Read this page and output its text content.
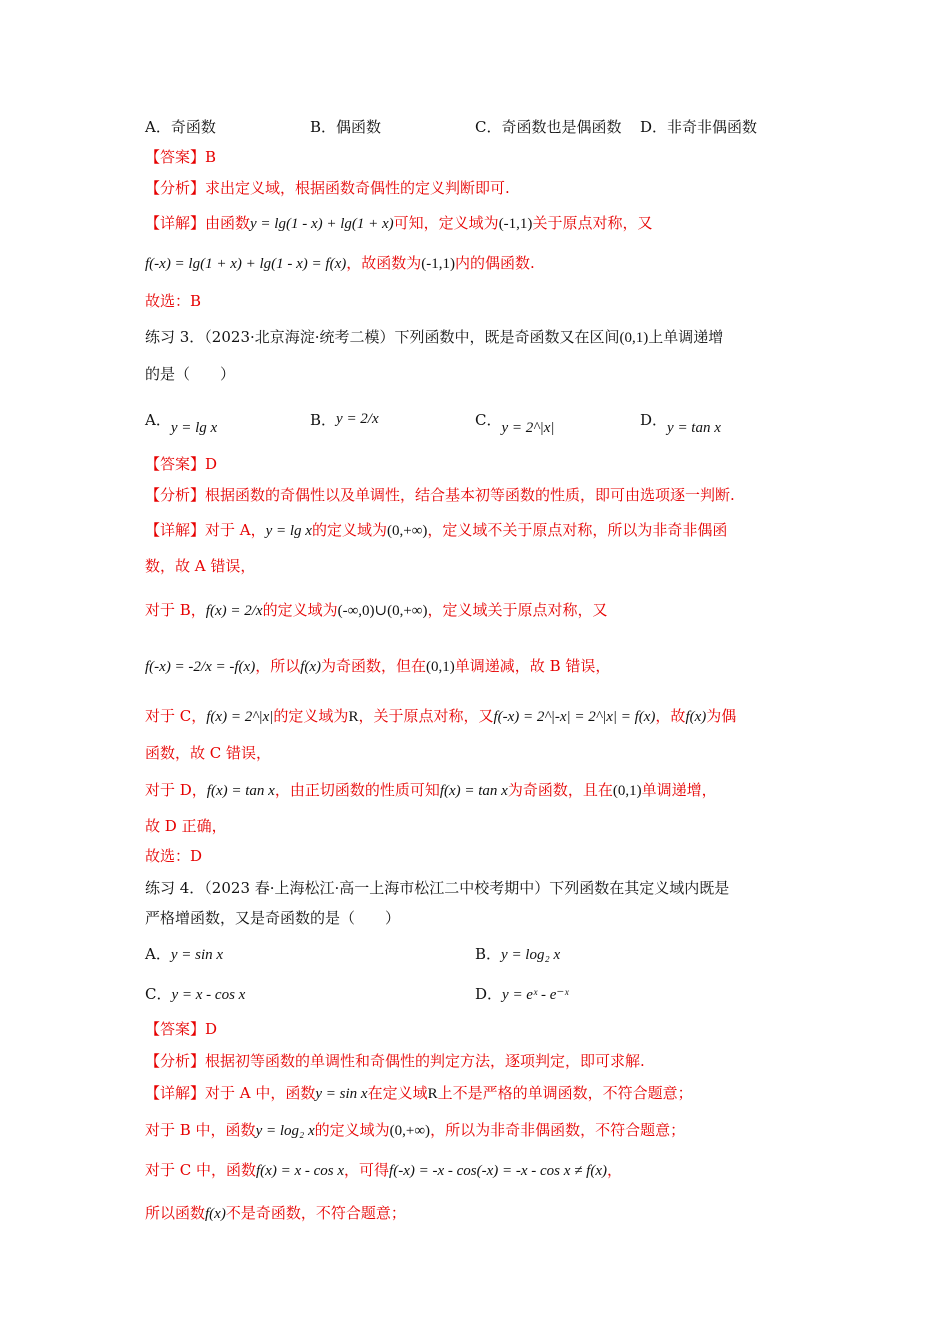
A．奇函数	B．偶函数	C．奇函数也是偶函数 D．非奇非偶函数
【答案】B
【分析】求出定义域，根据函数奇偶性的定义判断即可.
【详解】由函数y = lg(1 - x) + lg(1 + x)可知，定义域为(-1,1)关于原点对称，又
f(-x) = lg(1 + x) + lg(1 - x) = f(x)，故函数为(-1,1)内的偶函数.
故选：B
练习 3．（2023·北京海淀·统考二模）下列函数中，既是奇函数又在区间(0,1)上单调递增
的是（　　）
A．y = lg x	B．y = 2/x	C．y = 2^|x|	D．y = tan x
【答案】D
【分析】根据函数的奇偶性以及单调性，结合基本初等函数的性质，即可由选项逐一判断.
【详解】对于 A，y = lg x的定义域为(0,+∞)，定义域不关于原点对称，所以为非奇非偶函
数，故 A 错误，
对于 B，f(x) = 2/x的定义域为(-∞,0)∪(0,+∞)，定义域关于原点对称，又
f(-x) = -2/x = -f(x)，所以f(x)为奇函数，但在(0,1)单调递减，故 B 错误，
对于 C，f(x) = 2^|x|的定义域为R，关于原点对称，又f(-x) = 2^|-x| = 2^|x| = f(x)，故f(x)为偶
函数，故 C 错误，
对于 D，f(x) = tan x，由正切函数的性质可知f(x) = tan x为奇函数，且在(0,1)单调递增，
故 D 正确，
故选：D
练习 4．（2023 春·上海松江·高一上海市松江二中校考期中）下列函数在其定义域内既是
严格增函数，又是奇函数的是（　　）
A．y = sin x	B．y = log₂ x
C．y = x - cos x	D．y = eˣ - e⁻ˣ
【答案】D
【分析】根据初等函数的单调性和奇偶性的判定方法，逐项判定，即可求解.
【详解】对于 A 中，函数y = sin x在定义域R上不是严格的单调函数，不符合题意；
对于 B 中，函数y = log₂ x的定义域为(0,+∞)，所以为非奇非偶函数，不符合题意；
对于 C 中，函数f(x) = x - cos x，可得f(-x) = -x - cos(-x) = -x - cos x ≠ f(x)，
所以函数f(x)不是奇函数，不符合题意；
